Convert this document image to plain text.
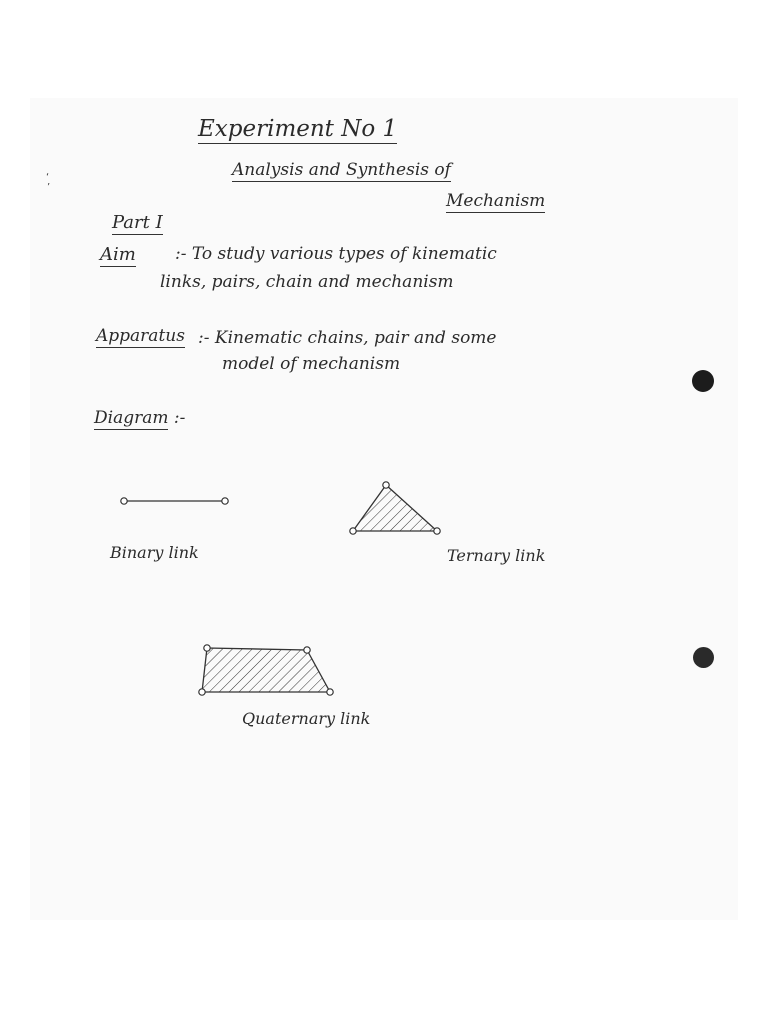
Experiment No 1
Analysis and Synthesis of
Mechanism
Part I
Aim :- To study various types of kinematic
links, pairs, chain and mechanism
Apparatus :- Kinematic chains, pair and some
model of mechanism
Diagram :-
Binary link	Ternary link
Quaternary link
‘
’
